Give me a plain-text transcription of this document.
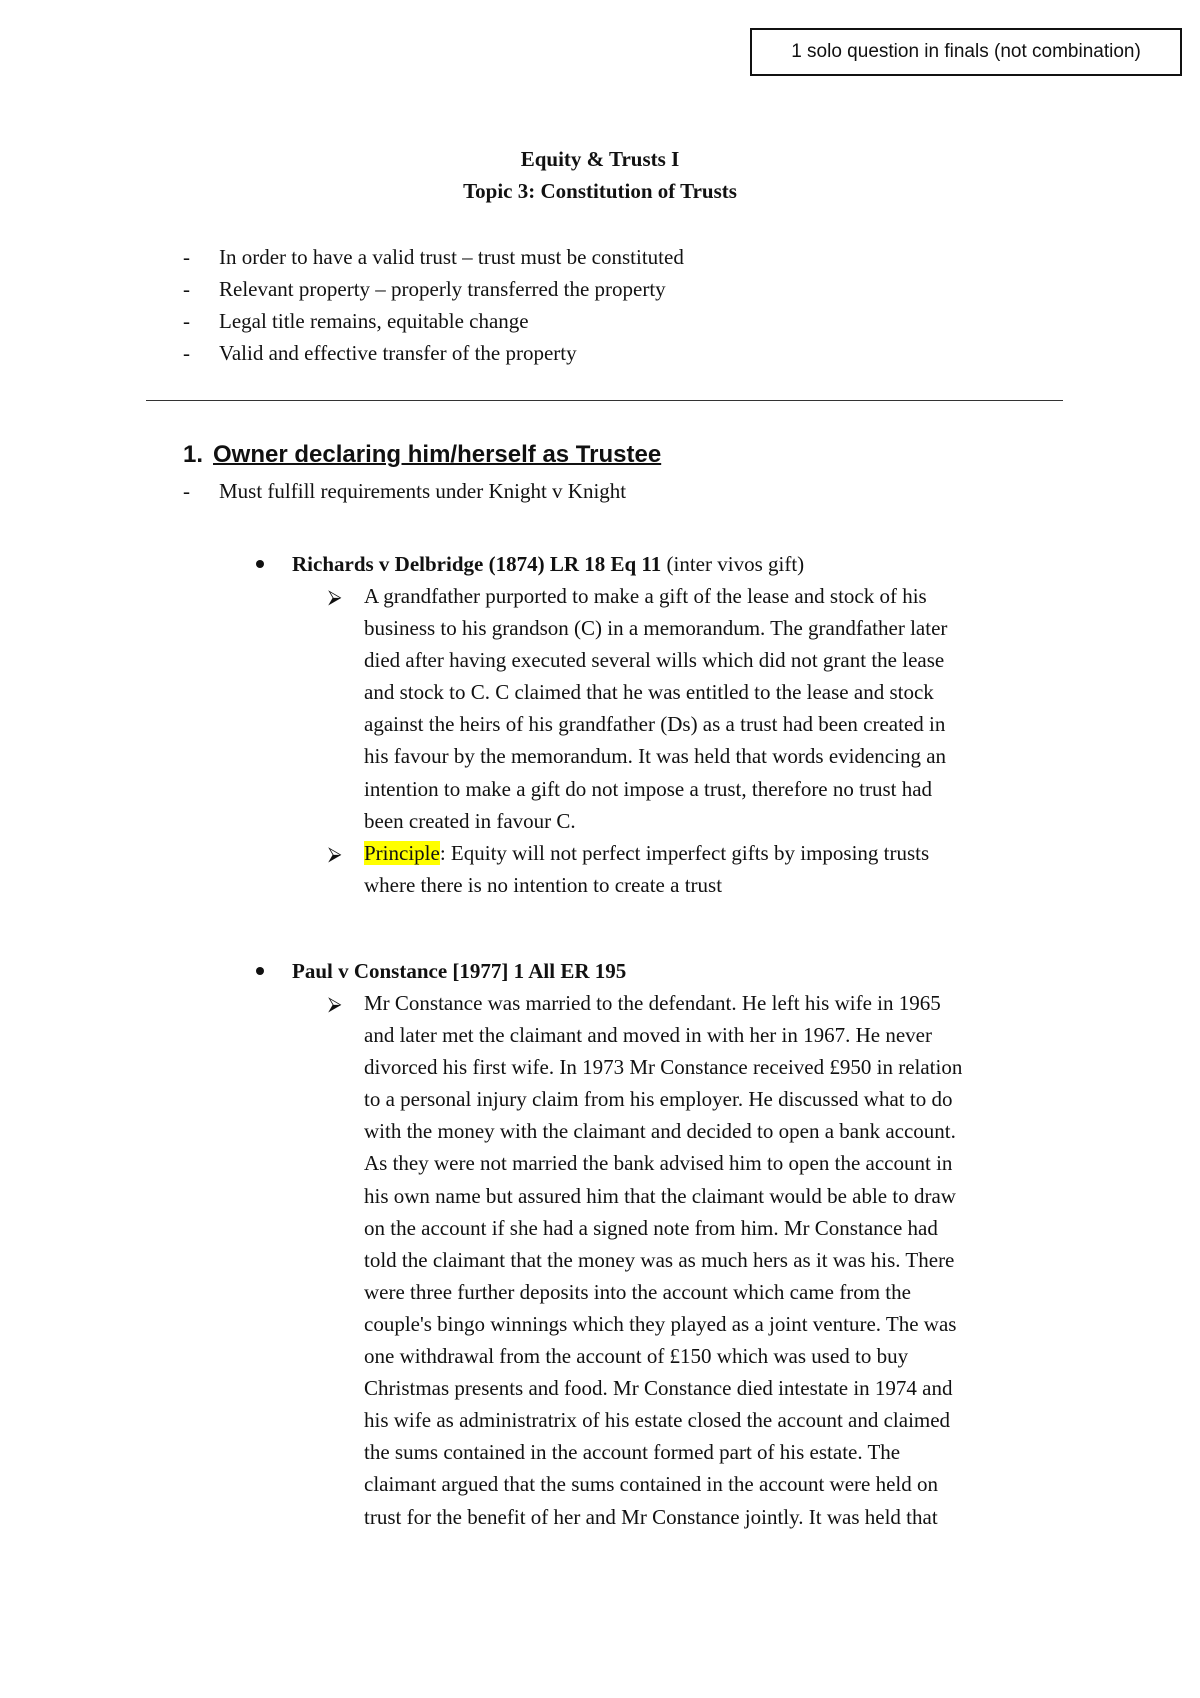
1 solo question in finals (not combination)
Equity & Trusts I
Topic 3: Constitution of Trusts
- In order to have a valid trust – trust must be constituted
- Relevant property – properly transferred the property
- Legal title remains, equitable change
- Valid and effective transfer of the property
1. Owner declaring him/herself as Trustee
- Must fulfill requirements under Knight v Knight
Richards v Delbridge (1874) LR 18 Eq 11 (inter vivos gift)
⮚ A grandfather purported to make a gift of the lease and stock of his
business to his grandson (C) in a memorandum. The grandfather later
died after having executed several wills which did not grant the lease
and stock to C. C claimed that he was entitled to the lease and stock
against the heirs of his grandfather (Ds) as a trust had been created in
his favour by the memorandum. It was held that words evidencing an
intention to make a gift do not impose a trust, therefore no trust had
been created in favour C.
⮚ Principle: Equity will not perfect imperfect gifts by imposing trusts
where there is no intention to create a trust
Paul v Constance [1977] 1 All ER 195
⮚ Mr Constance was married to the defendant. He left his wife in 1965
and later met the claimant and moved in with her in 1967. He never
divorced his first wife. In 1973 Mr Constance received £950 in relation
to a personal injury claim from his employer. He discussed what to do
with the money with the claimant and decided to open a bank account.
As they were not married the bank advised him to open the account in
his own name but assured him that the claimant would be able to draw
on the account if she had a signed note from him. Mr Constance had
told the claimant that the money was as much hers as it was his. There
were three further deposits into the account which came from the
couple's bingo winnings which they played as a joint venture. The was
one withdrawal from the account of £150 which was used to buy
Christmas presents and food. Mr Constance died intestate in 1974 and
his wife as administratrix of his estate closed the account and claimed
the sums contained in the account formed part of his estate. The
claimant argued that the sums contained in the account were held on
trust for the benefit of her and Mr Constance jointly. It was held that
